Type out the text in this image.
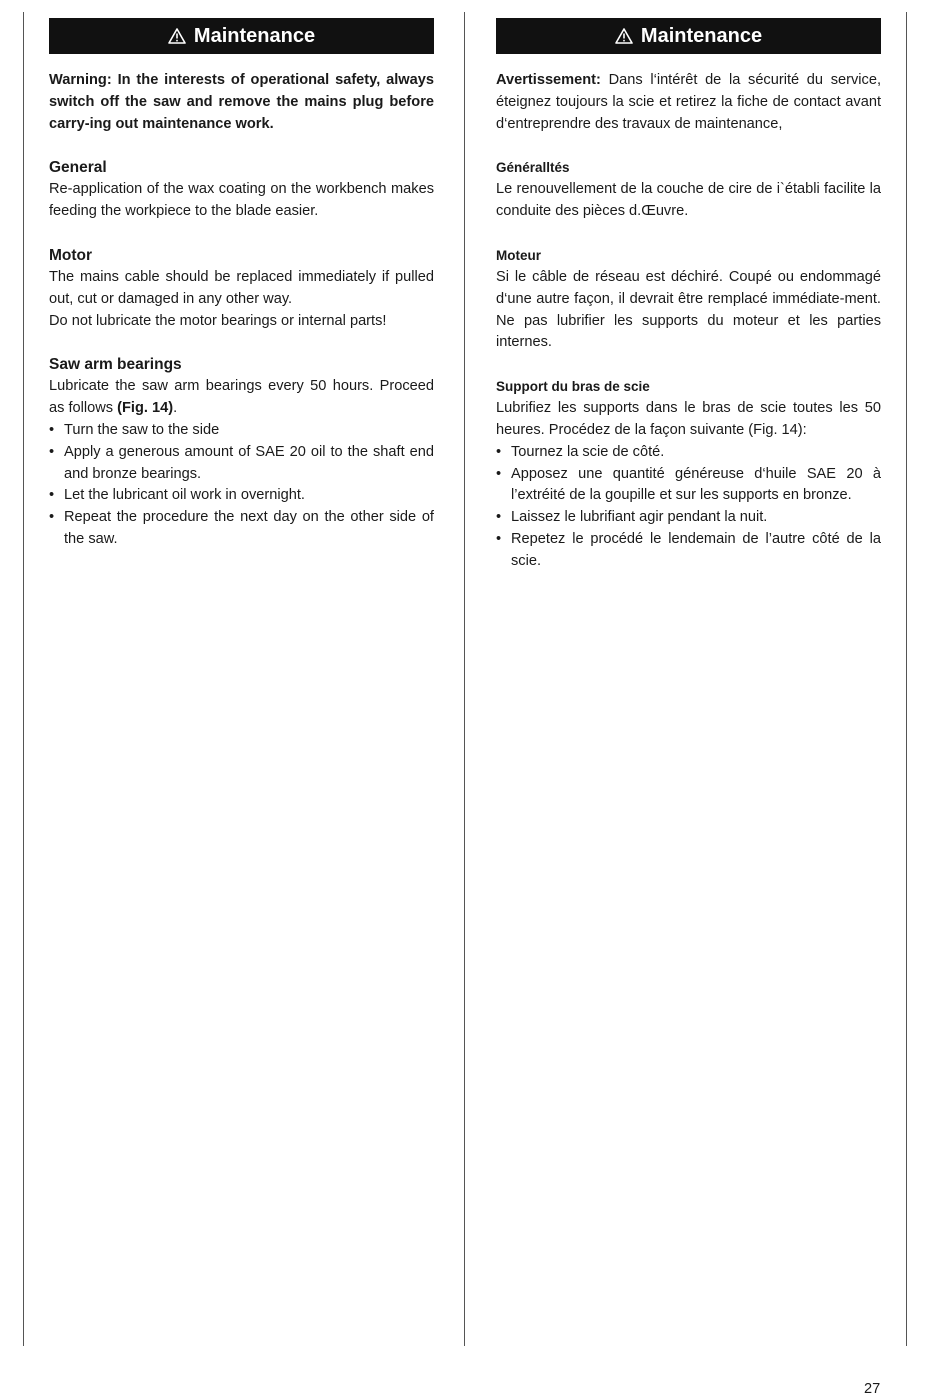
Maintenance
Warning: In the interests of operational safety, always switch off the saw and remove the mains plug before carry-ing out maintenance work.
General
Re-application of the wax coating on the workbench makes feeding the workpiece to the blade easier.
Motor
The mains cable should be replaced immediately if pulled out, cut or damaged in any other way.
Do not lubricate the motor bearings or internal parts!
Saw arm bearings
Lubricate the saw arm bearings every 50 hours. Proceed as follows (Fig. 14).
• Turn the saw to the side
• Apply a generous amount of SAE 20 oil to the shaft end and bronze bearings.
• Let the lubricant oil work in overnight.
• Repeat the procedure the next day on the other side of the saw.
Maintenance
Avertissement: Dans l‘intérêt de la sécurité du service, éteignez toujours la scie et retirez la fiche de contact avant d‘entreprendre des travaux de maintenance,
Généralltés
Le renouvellement de la couche de cire de i`établi facilite la conduite des pièces d.Œuvre.
Moteur
Si le câble de réseau est déchiré. Coupé ou endommagé d‘une autre façon, il devrait être remplacé immédiate-ment. Ne pas lubrifier les supports du moteur et les parties internes.
Support du bras de scie
Lubrifiez les supports dans le bras de scie toutes les 50 heures. Procédez de la façon suivante (Fig. 14):
• Tournez la scie de côté.
• Apposez une quantité généreuse d‘huile SAE 20 à l’extréité de la goupille et sur les supports en bronze.
• Laissez le lubrifiant agir pendant la nuit.
• Repetez le procédé le lendemain de l’autre côté de la scie.
27
